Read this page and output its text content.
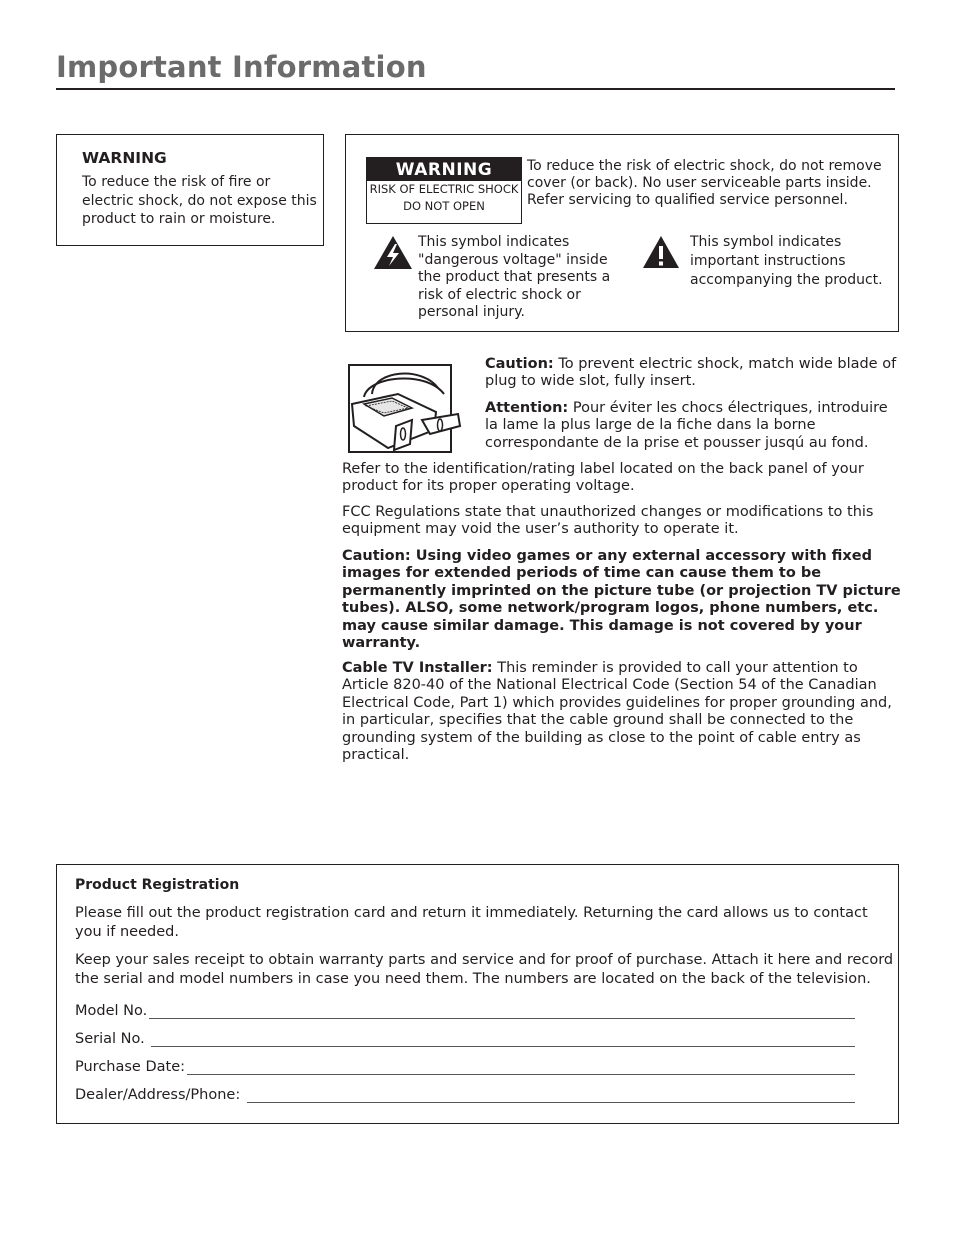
Important Information
WARNING
To reduce the risk of fire or electric shock, do not expose this product to rain or moisture.
WARNING
RISK OF ELECTRIC SHOCK
DO NOT OPEN
To reduce the risk of electric shock, do not remove cover (or back). No user serviceable parts inside. Refer servicing to qualified service personnel.
This symbol indicates "dangerous voltage" inside the product that presents a risk of electric shock or personal injury.
This symbol indicates important instructions accompanying the product.
Caution: To prevent electric shock, match wide blade of plug to wide slot, fully insert.
Attention: Pour éviter les chocs électriques, introduire la lame la plus large de la fiche dans la borne correspondante de la prise et pousser jusqú au fond.
Refer to the identification/rating label located on the back panel of your product for its proper operating voltage.
FCC Regulations state that unauthorized changes or modifications to this equipment may void the user’s authority to operate it.
Caution: Using video games or any external accessory with fixed images for extended periods of time can cause them to be permanently imprinted on the picture tube (or projection TV picture tubes). ALSO, some network/program logos, phone numbers, etc. may cause similar damage. This damage is not covered by your warranty.
Cable TV Installer: This reminder is provided to call your attention to Article 820-40 of the National Electrical Code (Section 54 of the Canadian Electrical Code, Part 1) which provides guidelines for proper grounding and, in particular, specifies that the cable ground shall be connected to the grounding system of the building as close to the point of cable entry as practical.
Product Registration
Please fill out the product registration card and return it immediately. Returning the card allows us to contact you if needed.
Keep your sales receipt to obtain warranty parts and service and for proof of purchase. Attach it here and record the serial and model numbers in case you need them. The numbers are located on the back of the television.
Model No.
Serial No.
Purchase Date:
Dealer/Address/Phone:
